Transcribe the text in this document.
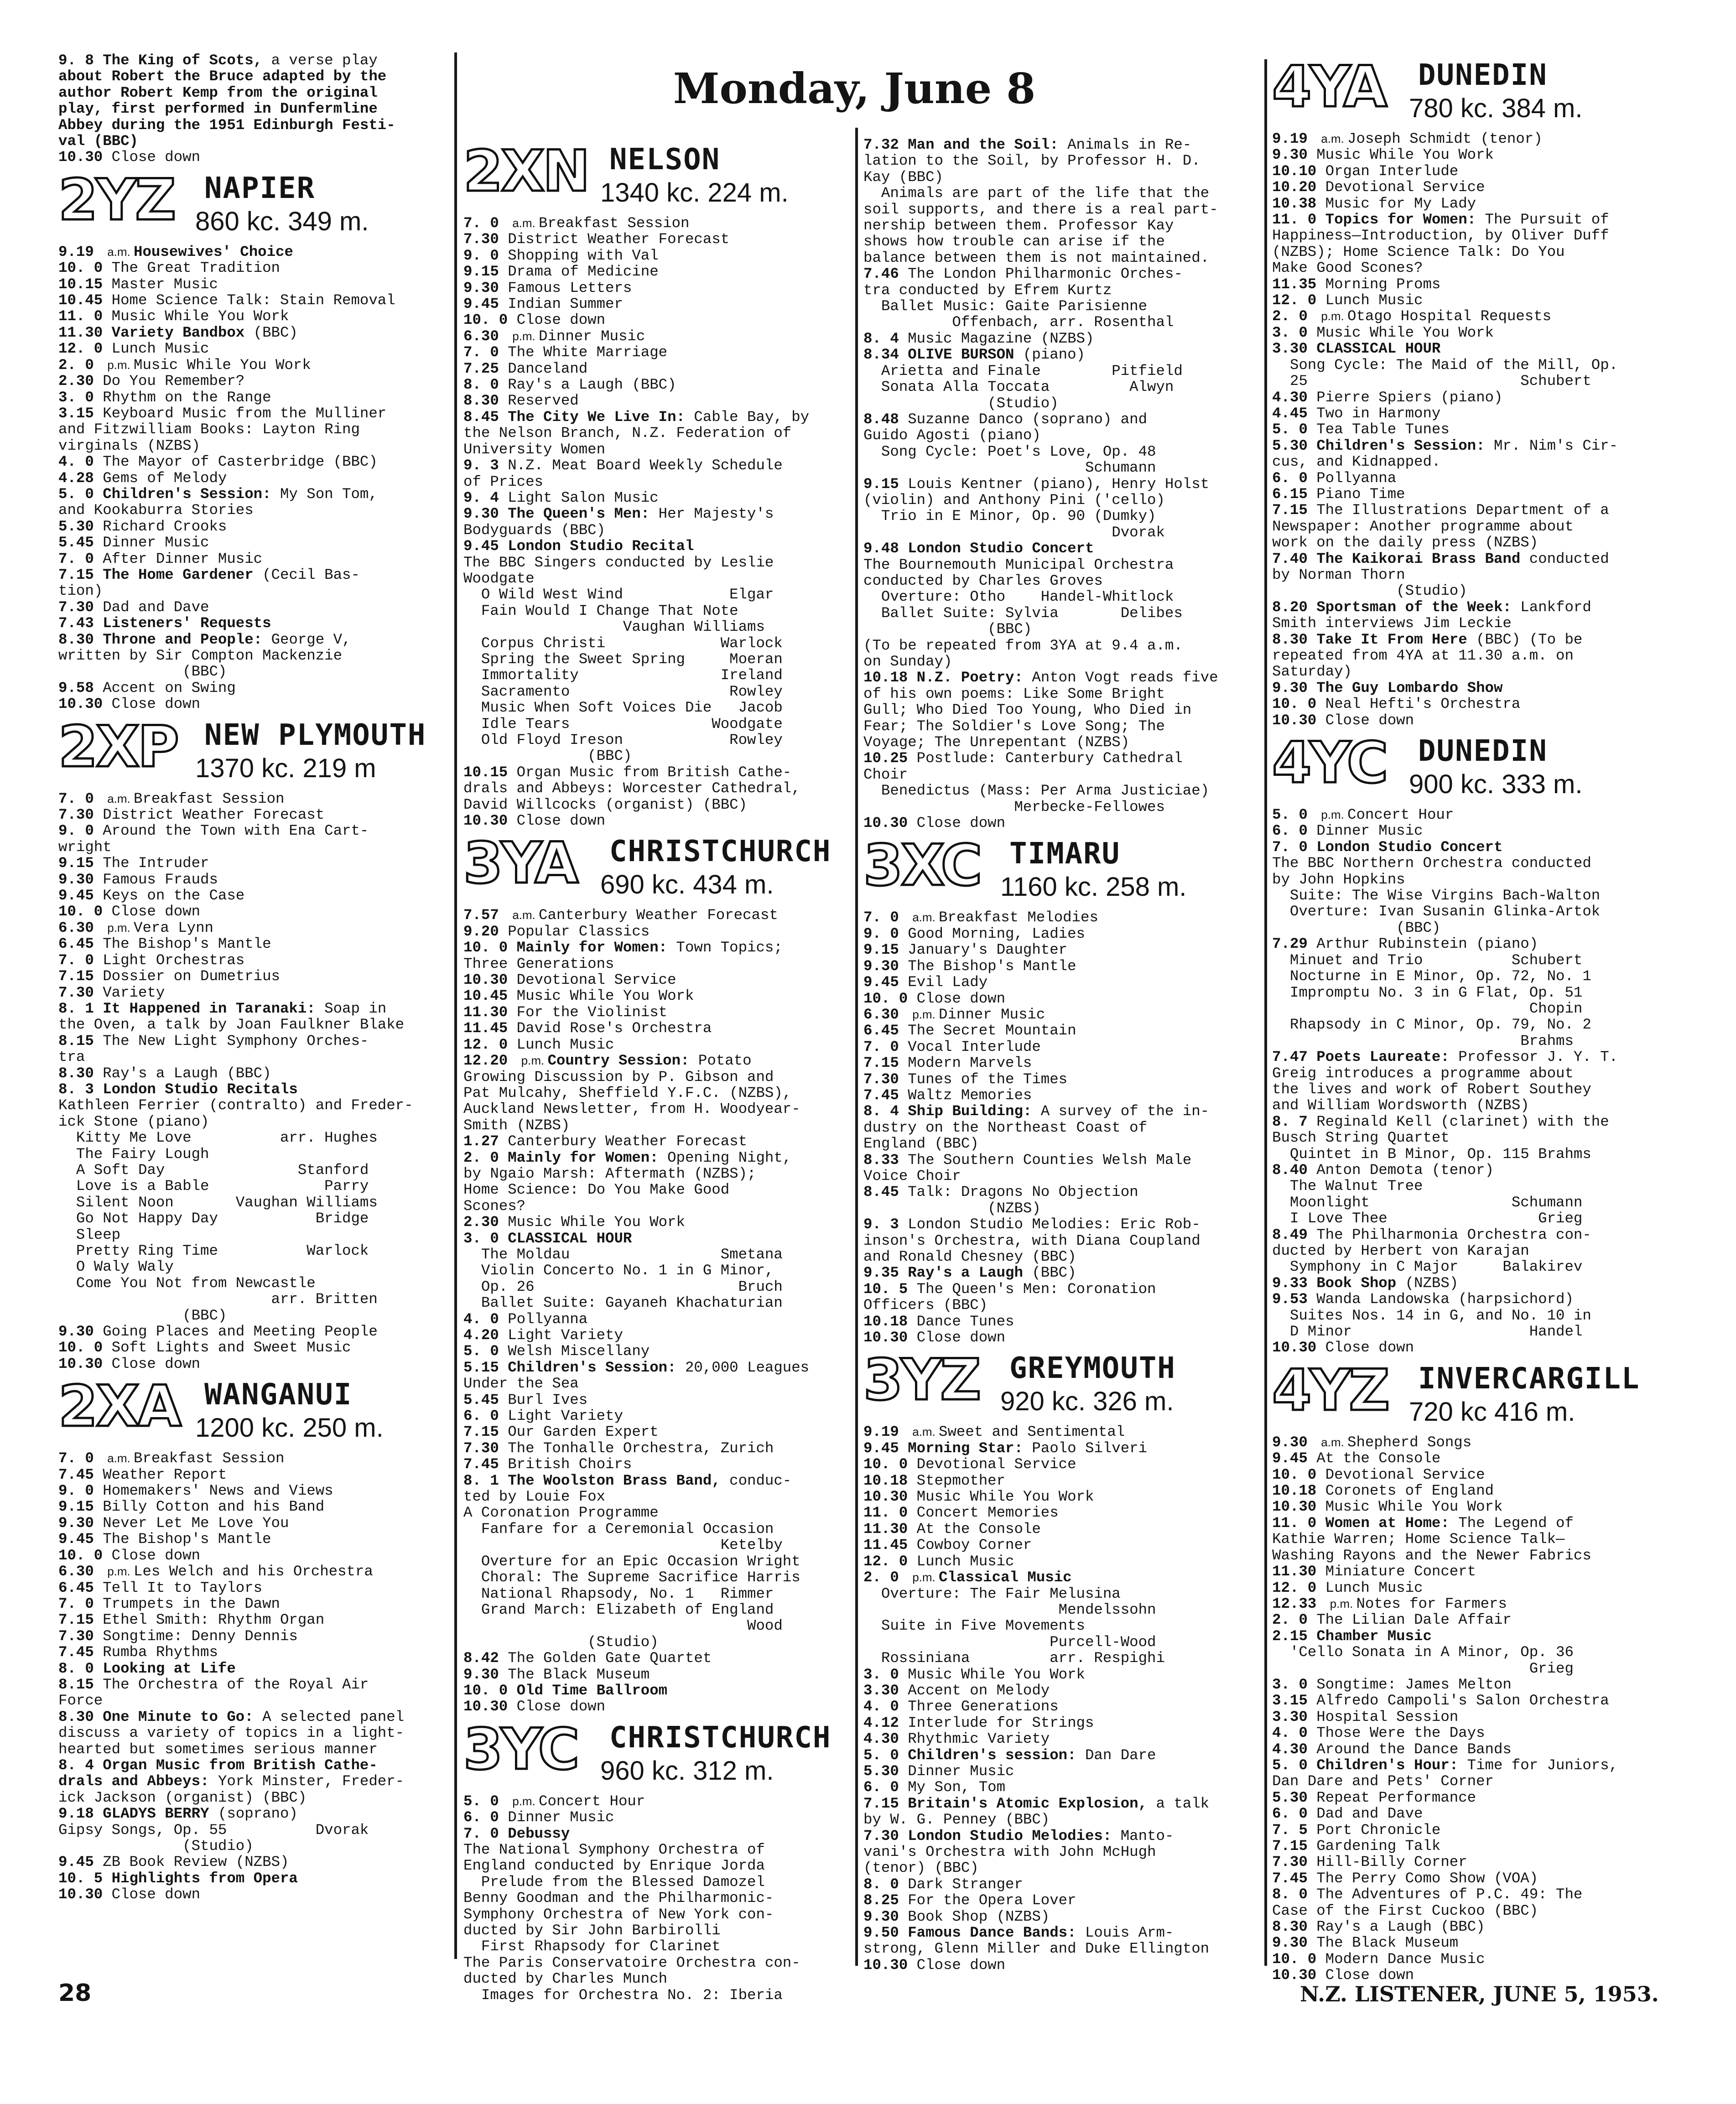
Monday, June 8
9. 8 The King of Scots, a verse play
about Robert the Bruce adapted by the
author Robert Kemp from the original
play, first performed in Dunfermline
Abbey during the 1951 Edinburgh Festi-
val (BBC)
10.30 Close down
2YZ NAPIER
860 kc. 349 m.
9.19 a.m. Housewives' Choice
10. 0 The Great Tradition
10.15 Master Music
10.45 Home Science Talk: Stain Removal
11. 0 Music While You Work
11.30 Variety Bandbox (BBC)
12. 0 Lunch Music
2. 0 p.m. Music While You Work
2.30 Do You Remember?
3. 0 Rhythm on the Range
3.15 Keyboard Music from the Mulliner
and Fitzwilliam Books: Layton Ring
virginals (NZBS)
4. 0 The Mayor of Casterbridge (BBC)
4.28 Gems of Melody
5. 0 Children's Session: My Son Tom,
and Kookaburra Stories
5.30 Richard Crooks
5.45 Dinner Music
7. 0 After Dinner Music
7.15 The Home Gardener (Cecil Bas-
tion)
7.30 Dad and Dave
7.43 Listeners' Requests
8.30 Throne and People: George V,
written by Sir Compton Mackenzie
(BBC)
9.58 Accent on Swing
10.30 Close down
2XP NEW PLYMOUTH
1370 kc. 219 m
7. 0 a.m. Breakfast Session
7.30 District Weather Forecast
9. 0 Around the Town with Ena Cart-
wright
9.15 The Intruder
9.30 Famous Frauds
9.45 Keys on the Case
10. 0 Close down
6.30 p.m. Vera Lynn
6.45 The Bishop's Mantle
7. 0 Light Orchestras
7.15 Dossier on Dumetrius
7.30 Variety
8. 1 It Happened in Taranaki: Soap in
the Oven, a talk by Joan Faulkner Blake
8.15 The New Light Symphony Orches-
tra
8.30 Ray's a Laugh (BBC)
8. 3 London Studio Recitals
Kathleen Ferrier (contralto) and Freder-
ick Stone (piano)
Kitty Me Love          arr. Hughes
The Fairy Lough
A Soft Day               Stanford
Love is a Bable             Parry
Silent Noon       Vaughan Williams
Go Not Happy Day           Bridge
Sleep
Pretty Ring Time          Warlock
O Waly Waly
Come You Not from Newcastle
arr. Britten
(BBC)
9.30 Going Places and Meeting People
10. 0 Soft Lights and Sweet Music
10.30 Close down
2XA WANGANUI
1200 kc. 250 m.
7. 0 a.m. Breakfast Session
7.45 Weather Report
9. 0 Homemakers' News and Views
9.15 Billy Cotton and his Band
9.30 Never Let Me Love You
9.45 The Bishop's Mantle
10. 0 Close down
6.30 p.m. Les Welch and his Orchestra
6.45 Tell It to Taylors
7. 0 Trumpets in the Dawn
7.15 Ethel Smith: Rhythm Organ
7.30 Songtime: Denny Dennis
7.45 Rumba Rhythms
8. 0 Looking at Life
8.15 The Orchestra of the Royal Air
Force
8.30 One Minute to Go: A selected panel
discuss a variety of topics in a light-
hearted but sometimes serious manner
8. 4 Organ Music from British Cathe-
drals and Abbeys: York Minster, Freder-
ick Jackson (organist) (BBC)
9.18 GLADYS BERRY (soprano)
Gipsy Songs, Op. 55          Dvorak
(Studio)
9.45 ZB Book Review (NZBS)
10. 5 Highlights from Opera
10.30 Close down
2XN NELSON
1340 kc. 224 m.
7. 0 a.m. Breakfast Session
7.30 District Weather Forecast
9. 0 Shopping with Val
9.15 Drama of Medicine
9.30 Famous Letters
9.45 Indian Summer
10. 0 Close down
6.30 p.m. Dinner Music
7. 0 The White Marriage
7.25 Danceland
8. 0 Ray's a Laugh (BBC)
8.30 Reserved
8.45 The City We Live In: Cable Bay, by
the Nelson Branch, N.Z. Federation of
University Women
9. 3 N.Z. Meat Board Weekly Schedule
of Prices
9. 4 Light Salon Music
9.30 The Queen's Men: Her Majesty's
Bodyguards (BBC)
9.45 London Studio Recital
The BBC Singers conducted by Leslie
Woodgate
O Wild West Wind            Elgar
Fain Would I Change That Note
Vaughan Williams
Corpus Christi             Warlock
Spring the Sweet Spring     Moeran
Immortality                Ireland
Sacramento                  Rowley
Music When Soft Voices Die   Jacob
Idle Tears                Woodgate
Old Floyd Ireson            Rowley
(BBC)
10.15 Organ Music from British Cathe-
drals and Abbeys: Worcester Cathedral,
David Willcocks (organist) (BBC)
10.30 Close down
3YA CHRISTCHURCH
690 kc. 434 m.
7.57 a.m. Canterbury Weather Forecast
9.20 Popular Classics
10. 0 Mainly for Women: Town Topics;
Three Generations
10.30 Devotional Service
10.45 Music While You Work
11.30 For the Violinist
11.45 David Rose's Orchestra
12. 0 Lunch Music
12.20 p.m. Country Session: Potato
Growing Discussion by P. Gibson and
Pat Mulcahy, Sheffield Y.F.C. (NZBS),
Auckland Newsletter, from H. Woodyear-
Smith (NZBS)
1.27 Canterbury Weather Forecast
2. 0 Mainly for Women: Opening Night,
by Ngaio Marsh: Aftermath (NZBS);
Home Science: Do You Make Good
Scones?
2.30 Music While You Work
3. 0 CLASSICAL HOUR
The Moldau                 Smetana
Violin Concerto No. 1 in G Minor,
Op. 26                       Bruch
Ballet Suite: Gayaneh Khachaturian
4. 0 Pollyanna
4.20 Light Variety
5. 0 Welsh Miscellany
5.15 Children's Session: 20,000 Leagues
Under the Sea
5.45 Burl Ives
6. 0 Light Variety
7.15 Our Garden Expert
7.30 The Tonhalle Orchestra, Zurich
7.45 British Choirs
8. 1 The Woolston Brass Band, conduc-
ted by Louie Fox
A Coronation Programme
Fanfare for a Ceremonial Occasion
Ketelby
Overture for an Epic Occasion Wright
Choral: The Supreme Sacrifice Harris
National Rhapsody, No. 1   Rimmer
Grand March: Elizabeth of England
Wood
(Studio)
8.42 The Golden Gate Quartet
9.30 The Black Museum
10. 0 Old Time Ballroom
10.30 Close down
3YC CHRISTCHURCH
960 kc. 312 m.
5. 0 p.m. Concert Hour
6. 0 Dinner Music
7. 0 Debussy
The National Symphony Orchestra of
England conducted by Enrique Jorda
Prelude from the Blessed Damozel
Benny Goodman and the Philharmonic-
Symphony Orchestra of New York con-
ducted by Sir John Barbirolli
First Rhapsody for Clarinet
The Paris Conservatoire Orchestra con-
ducted by Charles Munch
Images for Orchestra No. 2: Iberia
7.32 Man and the Soil: Animals in Re-
lation to the Soil, by Professor H. D.
Kay (BBC)
Animals are part of the life that the
soil supports, and there is a real part-
nership between them. Professor Kay
shows how trouble can arise if the
balance between them is not maintained.
7.46 The London Philharmonic Orches-
tra conducted by Efrem Kurtz
Ballet Music: Gaite Parisienne
Offenbach, arr. Rosenthal
8. 4 Music Magazine (NZBS)
8.34 OLIVE BURSON (piano)
Arietta and Finale        Pitfield
Sonata Alla Toccata         Alwyn
(Studio)
8.48 Suzanne Danco (soprano) and
Guido Agosti (piano)
Song Cycle: Poet's Love, Op. 48
Schumann
9.15 Louis Kentner (piano), Henry Holst
(violin) and Anthony Pini ('cello)
Trio in E Minor, Op. 90 (Dumky)
Dvorak
9.48 London Studio Concert
The Bournemouth Municipal Orchestra
conducted by Charles Groves
Overture: Otho    Handel-Whitlock
Ballet Suite: Sylvia       Delibes
(BBC)
(To be repeated from 3YA at 9.4 a.m.
on Sunday)
10.18 N.Z. Poetry: Anton Vogt reads five
of his own poems: Like Some Bright
Gull; Who Died Too Young, Who Died in
Fear; The Soldier's Love Song; The
Voyage; The Unrepentant (NZBS)
10.25 Postlude: Canterbury Cathedral
Choir
Benedictus (Mass: Per Arma Justiciae)
Merbecke-Fellowes
10.30 Close down
3XC TIMARU
1160 kc. 258 m.
7. 0 a.m. Breakfast Melodies
9. 0 Good Morning, Ladies
9.15 January's Daughter
9.30 The Bishop's Mantle
9.45 Evil Lady
10. 0 Close down
6.30 p.m. Dinner Music
6.45 The Secret Mountain
7. 0 Vocal Interlude
7.15 Modern Marvels
7.30 Tunes of the Times
7.45 Waltz Memories
8. 4 Ship Building: A survey of the in-
dustry on the Northeast Coast of
England (BBC)
8.33 The Southern Counties Welsh Male
Voice Choir
8.45 Talk: Dragons No Objection
(NZBS)
9. 3 London Studio Melodies: Eric Rob-
inson's Orchestra, with Diana Coupland
and Ronald Chesney (BBC)
9.35 Ray's a Laugh (BBC)
10. 5 The Queen's Men: Coronation
Officers (BBC)
10.18 Dance Tunes
10.30 Close down
3YZ GREYMOUTH
920 kc. 326 m.
9.19 a.m. Sweet and Sentimental
9.45 Morning Star: Paolo Silveri
10. 0 Devotional Service
10.18 Stepmother
10.30 Music While You Work
11. 0 Concert Memories
11.30 At the Console
11.45 Cowboy Corner
12. 0 Lunch Music
2. 0 p.m. Classical Music
Overture: The Fair Melusina
Mendelssohn
Suite in Five Movements
Purcell-Wood
Rossiniana         arr. Respighi
3. 0 Music While You Work
3.30 Accent on Melody
4. 0 Three Generations
4.12 Interlude for Strings
4.30 Rhythmic Variety
5. 0 Children's session: Dan Dare
5.30 Dinner Music
6. 0 My Son, Tom
7.15 Britain's Atomic Explosion, a talk
by W. G. Penney (BBC)
7.30 London Studio Melodies: Manto-
vani's Orchestra with John McHugh
(tenor) (BBC)
8. 0 Dark Stranger
8.25 For the Opera Lover
9.30 Book Shop (NZBS)
9.50 Famous Dance Bands: Louis Arm-
strong, Glenn Miller and Duke Ellington
10.30 Close down
4YA DUNEDIN
780 kc. 384 m.
9.19 a.m. Joseph Schmidt (tenor)
9.30 Music While You Work
10.10 Organ Interlude
10.20 Devotional Service
10.38 Music for My Lady
11. 0 Topics for Women: The Pursuit of
Happiness—Introduction, by Oliver Duff
(NZBS); Home Science Talk: Do You
Make Good Scones?
11.35 Morning Proms
12. 0 Lunch Music
2. 0 p.m. Otago Hospital Requests
3. 0 Music While You Work
3.30 CLASSICAL HOUR
Song Cycle: The Maid of the Mill, Op.
25                        Schubert
4.30 Pierre Spiers (piano)
4.45 Two in Harmony
5. 0 Tea Table Tunes
5.30 Children's Session: Mr. Nim's Cir-
cus, and Kidnapped.
6. 0 Pollyanna
6.15 Piano Time
7.15 The Illustrations Department of a
Newspaper: Another programme about
work on the daily press (NZBS)
7.40 The Kaikorai Brass Band conducted
by Norman Thorn
(Studio)
8.20 Sportsman of the Week: Lankford
Smith interviews Jim Leckie
8.30 Take It From Here (BBC) (To be
repeated from 4YA at 11.30 a.m. on
Saturday)
9.30 The Guy Lombardo Show
10. 0 Neal Hefti's Orchestra
10.30 Close down
4YC DUNEDIN
900 kc. 333 m.
5. 0 p.m. Concert Hour
6. 0 Dinner Music
7. 0 London Studio Concert
The BBC Northern Orchestra conducted
by John Hopkins
Suite: The Wise Virgins Bach-Walton
Overture: Ivan Susanin Glinka-Artok
(BBC)
7.29 Arthur Rubinstein (piano)
Minuet and Trio          Schubert
Nocturne in E Minor, Op. 72, No. 1
Impromptu No. 3 in G Flat, Op. 51
Chopin
Rhapsody in C Minor, Op. 79, No. 2
Brahms
7.47 Poets Laureate: Professor J. Y. T.
Greig introduces a programme about
the lives and work of Robert Southey
and William Wordsworth (NZBS)
8. 7 Reginald Kell (clarinet) with the
Busch String Quartet
Quintet in B Minor, Op. 115 Brahms
8.40 Anton Demota (tenor)
The Walnut Tree
Moonlight                Schumann
I Love Thee                 Grieg
8.49 The Philharmonia Orchestra con-
ducted by Herbert von Karajan
Symphony in C Major     Balakirev
9.33 Book Shop (NZBS)
9.53 Wanda Landowska (harpsichord)
Suites Nos. 14 in G, and No. 10 in
D Minor                    Handel
10.30 Close down
4YZ INVERCARGILL
720 kc 416 m.
9.30 a.m. Shepherd Songs
9.45 At the Console
10. 0 Devotional Service
10.18 Coronets of England
10.30 Music While You Work
11. 0 Women at Home: The Legend of
Kathie Warren; Home Science Talk—
Washing Rayons and the Newer Fabrics
11.30 Miniature Concert
12. 0 Lunch Music
12.33 p.m. Notes for Farmers
2. 0 The Lilian Dale Affair
2.15 Chamber Music
'Cello Sonata in A Minor, Op. 36
Grieg
3. 0 Songtime: James Melton
3.15 Alfredo Campoli's Salon Orchestra
3.30 Hospital Session
4. 0 Those Were the Days
4.30 Around the Dance Bands
5. 0 Children's Hour: Time for Juniors,
Dan Dare and Pets' Corner
5.30 Repeat Performance
6. 0 Dad and Dave
7. 5 Port Chronicle
7.15 Gardening Talk
7.30 Hill-Billy Corner
7.45 The Perry Como Show (VOA)
8. 0 The Adventures of P.C. 49: The
Case of the First Cuckoo (BBC)
8.30 Ray's a Laugh (BBC)
9.30 The Black Museum
10. 0 Modern Dance Music
10.30 Close down
28	N.Z. LISTENER, JUNE 5, 1953.
